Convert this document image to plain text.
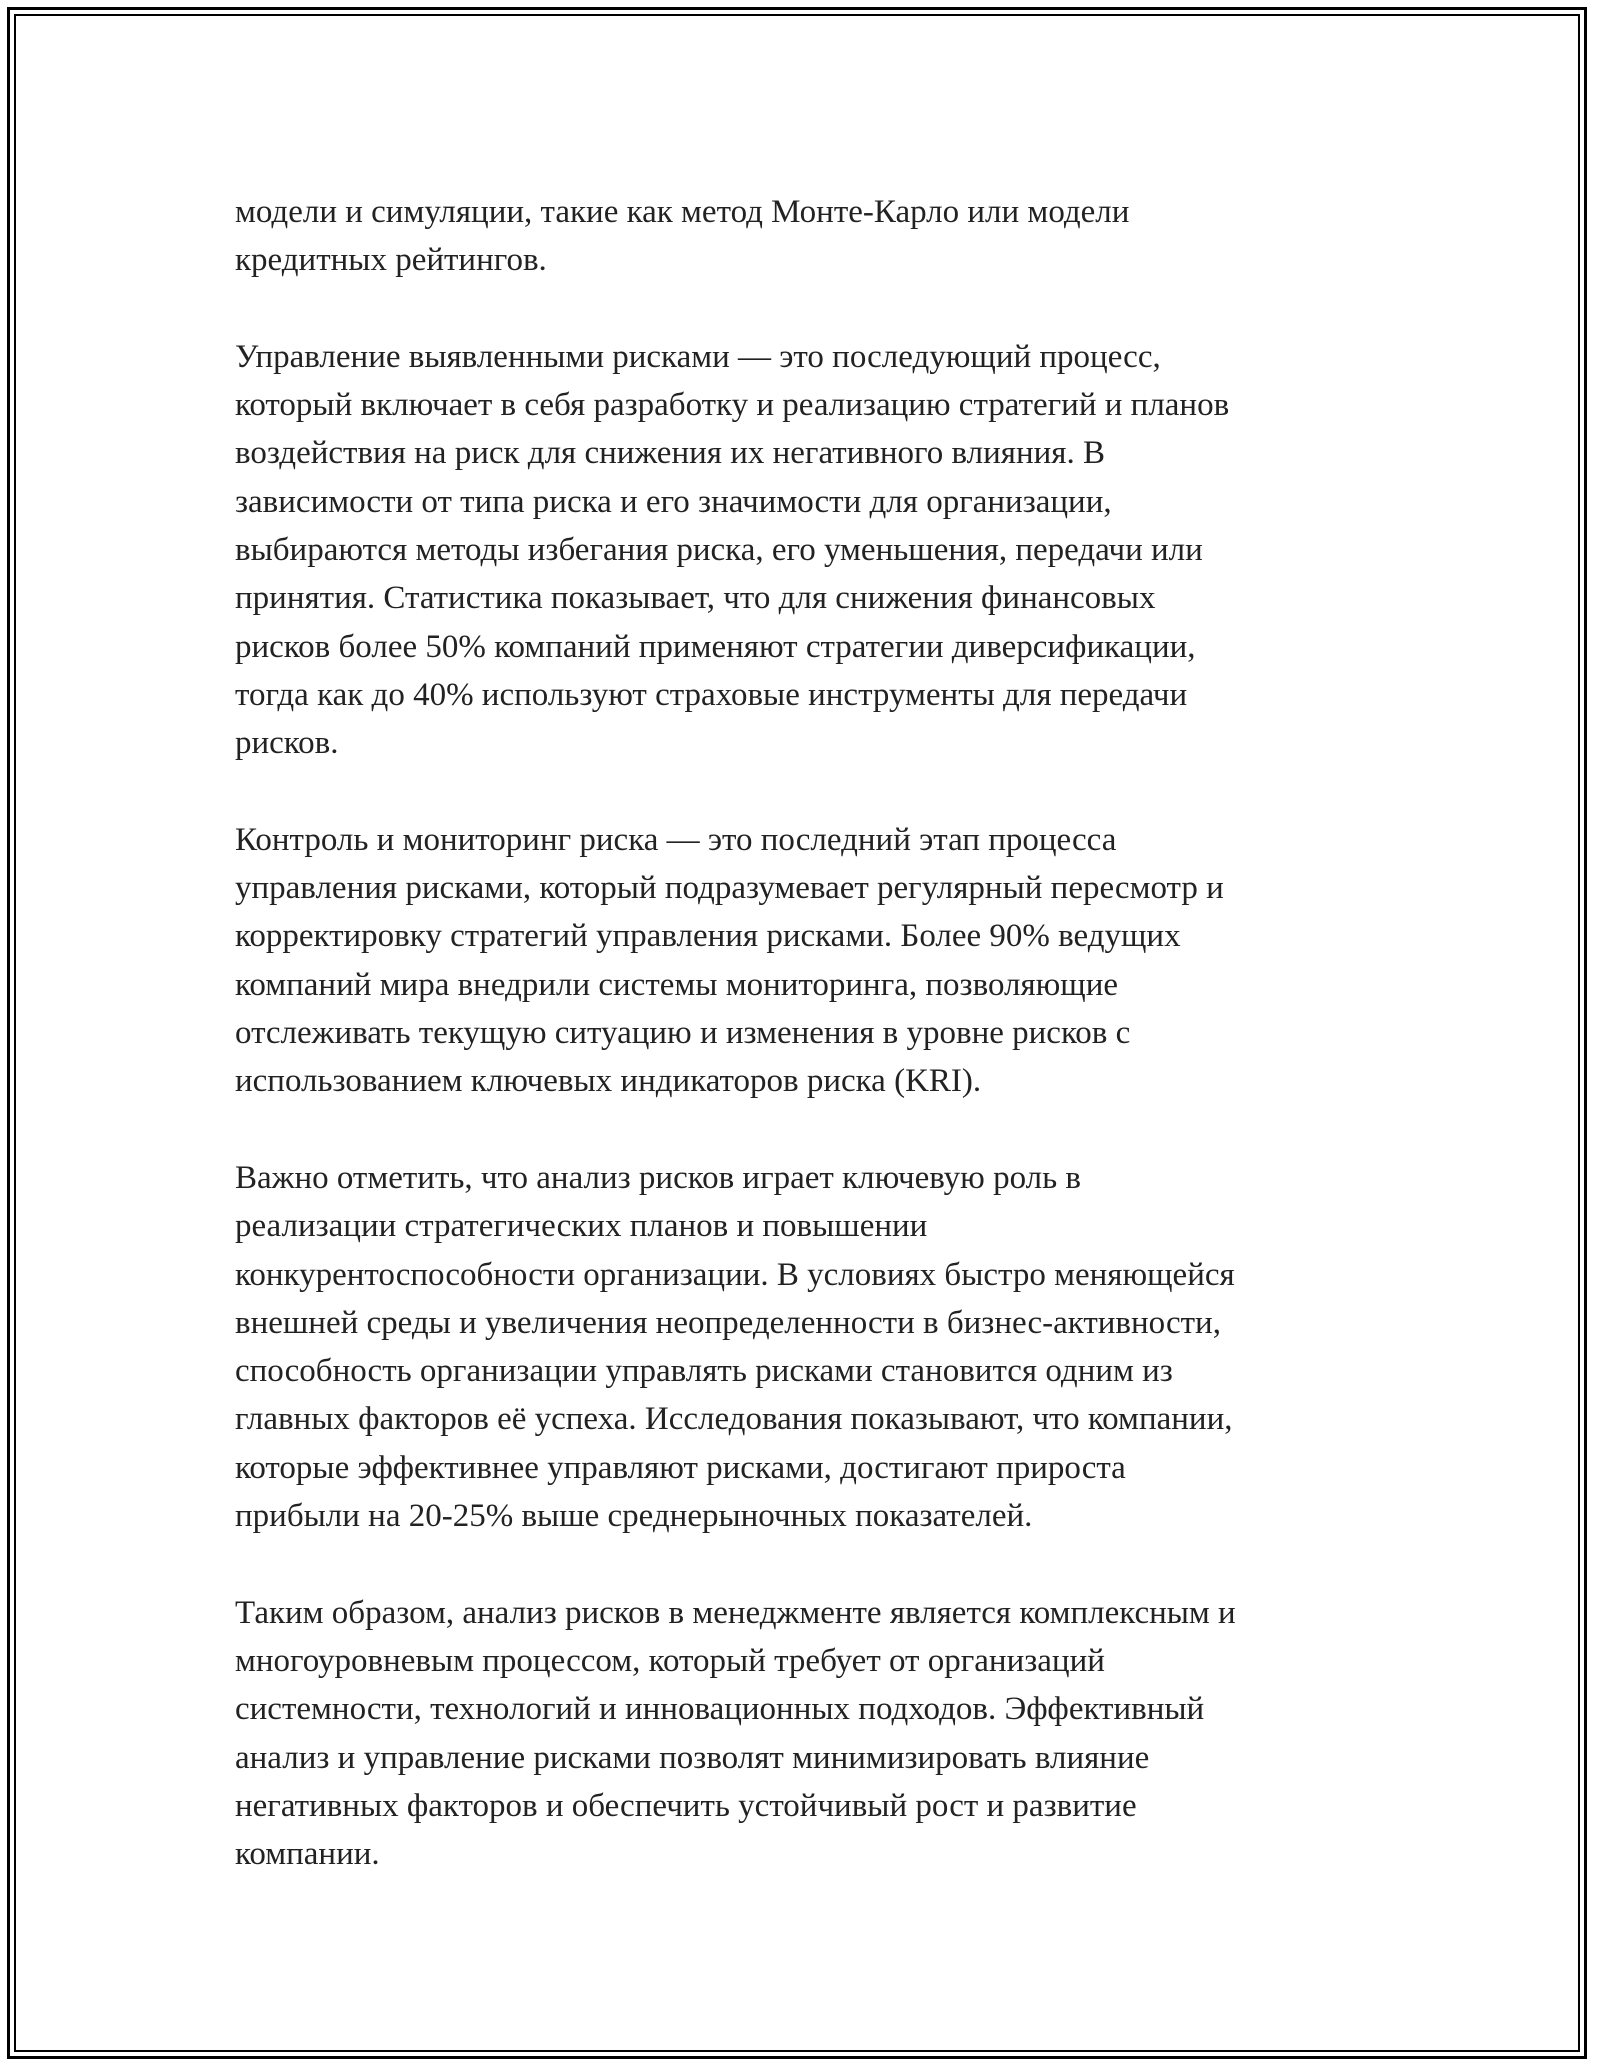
модели и симуляции, такие как метод Монте-Карло или модели
кредитных рейтингов.

Управление выявленными рисками — это последующий процесс,
который включает в себя разработку и реализацию стратегий и планов
воздействия на риск для снижения их негативного влияния. В
зависимости от типа риска и его значимости для организации,
выбираются методы избегания риска, его уменьшения, передачи или
принятия. Статистика показывает, что для снижения финансовых
рисков более 50% компаний применяют стратегии диверсификации,
тогда как до 40% используют страховые инструменты для передачи
рисков.

Контроль и мониторинг риска — это последний этап процесса
управления рисками, который подразумевает регулярный пересмотр и
корректировку стратегий управления рисками. Более 90% ведущих
компаний мира внедрили системы мониторинга, позволяющие
отслеживать текущую ситуацию и изменения в уровне рисков с
использованием ключевых индикаторов риска (KRI).

Важно отметить, что анализ рисков играет ключевую роль в
реализации стратегических планов и повышении
конкурентоспособности организации. В условиях быстро меняющейся
внешней среды и увеличения неопределенности в бизнес-активности,
способность организации управлять рисками становится одним из
главных факторов её успеха. Исследования показывают, что компании,
которые эффективнее управляют рисками, достигают прироста
прибыли на 20-25% выше среднерыночных показателей.

Таким образом, анализ рисков в менеджменте является комплексным и
многоуровневым процессом, который требует от организаций
системности, технологий и инновационных подходов. Эффективный
анализ и управление рисками позволят минимизировать влияние
негативных факторов и обеспечить устойчивый рост и развитие
компании.
